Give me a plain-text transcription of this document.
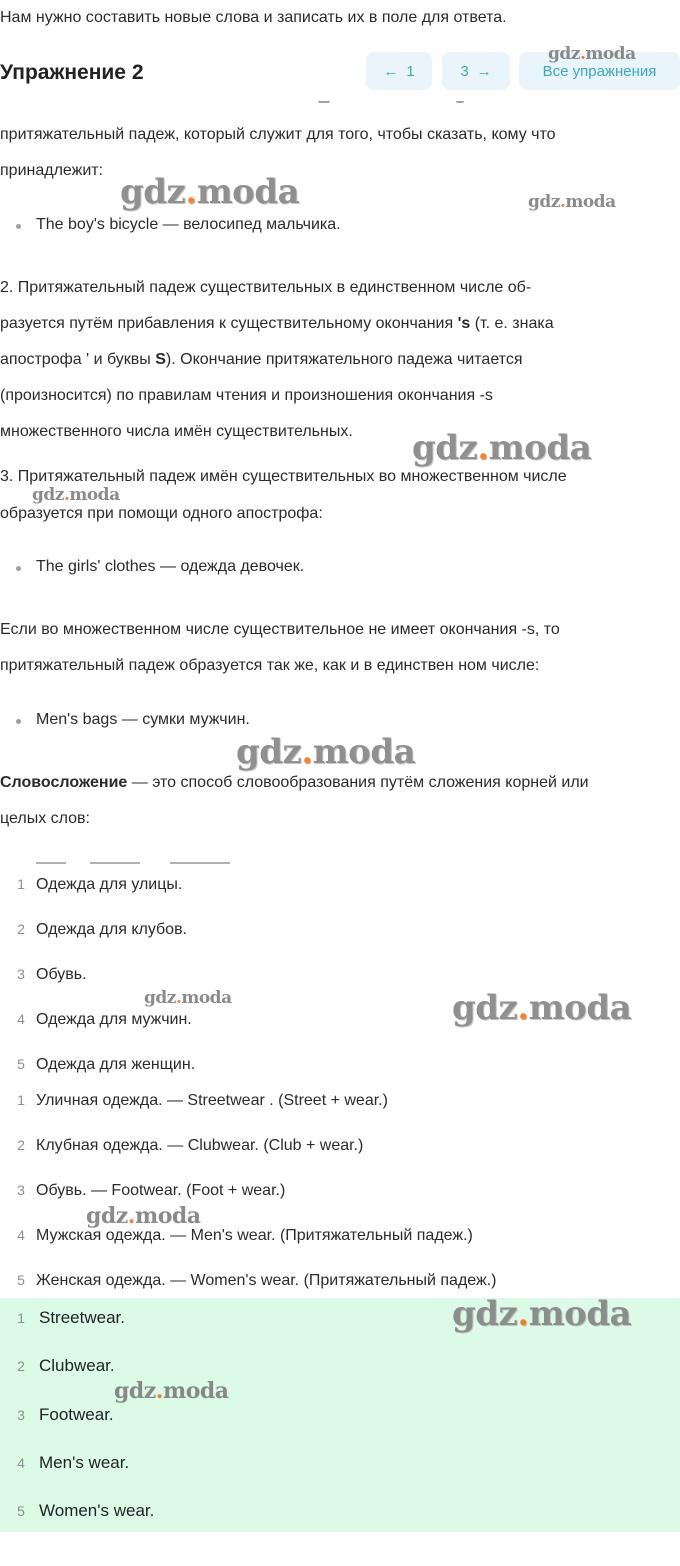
Нам нужно составить новые слова и записать их в поле для ответа.
Упражнение 2	← 1	3 →	Все упражнения
притяжательный падеж, который служит для того, чтобы сказать, кому что
принадлежит:
The boy's bicycle — велосипед мальчика.
2. Притяжательный падеж существительных в единственном числе об-
разуется путём прибавления к существительному окончания 's (т. е. знака
апострофа ' и буквы S). Окончание притяжательного падежа читается
(произносится) по правилам чтения и произношения окончания -s
множественного числа имён существительных.
3. Притяжательный падеж имён существительных во множественном числе
образуется при помощи одного апострофа:
The girls' clothes — одежда девочек.
Если во множественном числе существительное не имеет окончания -s, то
притяжательный падеж образуется так же, как и в единствен ном числе:
Men's bags — сумки мужчин.
Словосложение — это способ словообразования путём сложения корней или
целых слов:
1 Одежда для улицы.
2 Одежда для клубов.
3 Обувь.
4 Одежда для мужчин.
5 Одежда для женщин.
1 Уличная одежда. — Streetwear . (Street + wear.)
2 Клубная одежда. — Clubwear. (Club + wear.)
3 Обувь. — Footwear. (Foot + wear.)
4 Мужская одежда. — Men's wear. (Притяжательный падеж.)
5 Женская одежда. — Women's wear. (Притяжательный падеж.)
1 Streetwear.
2 Clubwear.
3 Footwear.
4 Men's wear.
5 Women's wear.
gdz.moda
gdz.moda	gdz.moda
gdz.moda
gdz.moda
gdz.moda
gdz.moda	gdz.moda
gdz.moda
gdz.moda
gdz.moda
